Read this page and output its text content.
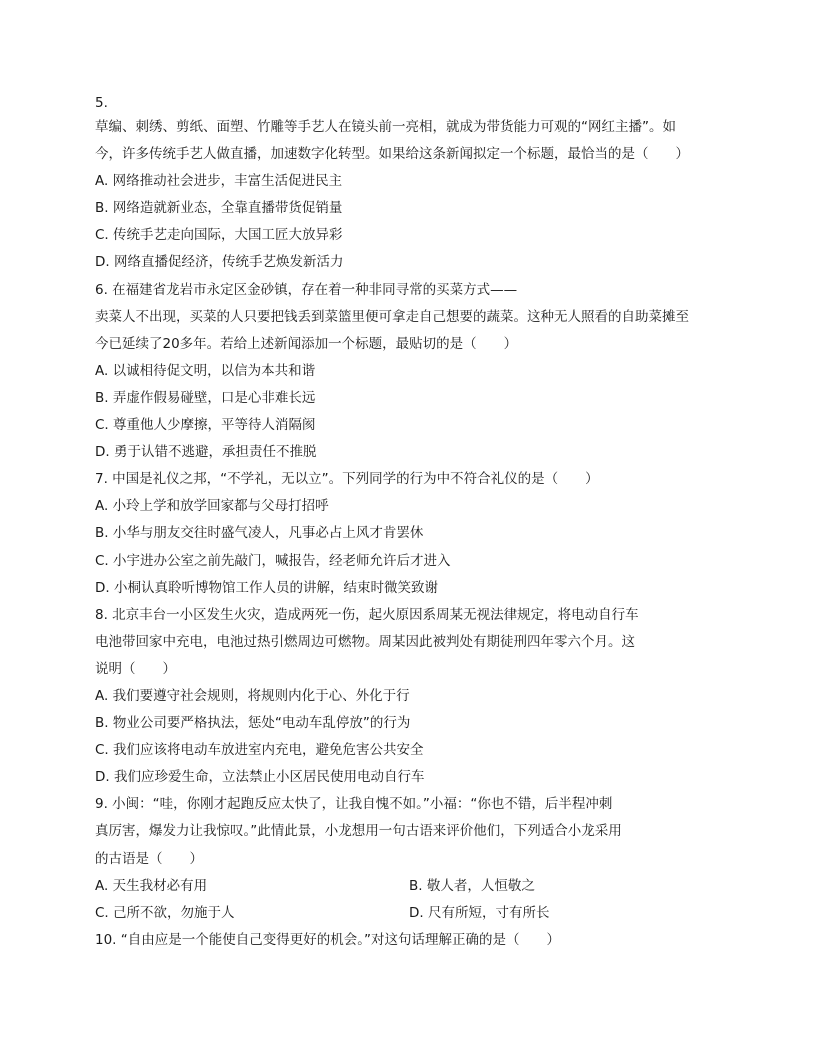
5.
草编、刺绣、剪纸、面塑、竹雕等手艺人在镜头前一亮相，就成为带货能力可观的“网红主播”。如
今，许多传统手艺人做直播，加速数字化转型。如果给这条新闻拟定一个标题，最恰当的是（　　）
A. 网络推动社会进步，丰富生活促进民主
B. 网络造就新业态，全靠直播带货促销量
C. 传统手艺走向国际，大国工匠大放异彩
D. 网络直播促经济，传统手艺焕发新活力
6. 在福建省龙岩市永定区金砂镇，存在着一种非同寻常的买菜方式——
卖菜人不出现，买菜的人只要把钱丢到菜篮里便可拿走自己想要的蔬菜。这种无人照看的自助菜摊至
今已延续了20多年。若给上述新闻添加一个标题，最贴切的是（　　）
A. 以诚相待促文明，以信为本共和谐
B. 弄虚作假易碰壁，口是心非难长远
C. 尊重他人少摩擦，平等待人消隔阂
D. 勇于认错不逃避，承担责任不推脱
7. 中国是礼仪之邦，“不学礼，无以立”。下列同学的行为中不符合礼仪的是（　　）
A. 小玲上学和放学回家都与父母打招呼
B. 小华与朋友交往时盛气凌人，凡事必占上风才肯罢休
C. 小宇进办公室之前先敲门，喊报告，经老师允许后才进入
D. 小桐认真聆听博物馆工作人员的讲解，结束时微笑致谢
8. 北京丰台一小区发生火灾，造成两死一伤，起火原因系周某无视法律规定，将电动自行车
电池带回家中充电，电池过热引燃周边可燃物。周某因此被判处有期徒刑四年零六个月。这
说明（　　）
A. 我们要遵守社会规则，将规则内化于心、外化于行
B. 物业公司要严格执法，惩处“电动车乱停放”的行为
C. 我们应该将电动车放进室内充电，避免危害公共安全
D. 我们应珍爱生命，立法禁止小区居民使用电动自行车
9. 小闽：“哇，你刚才起跑反应太快了，让我自愧不如。”小福：“你也不错，后半程冲刺
真厉害，爆发力让我惊叹。”此情此景，小龙想用一句古语来评价他们，下列适合小龙采用
的古语是（　　）
A. 天生我材必有用	B. 敬人者，人恒敬之
C. 己所不欲，勿施于人	D. 尺有所短，寸有所长
10. “自由应是一个能使自己变得更好的机会。”对这句话理解正确的是（　　）
